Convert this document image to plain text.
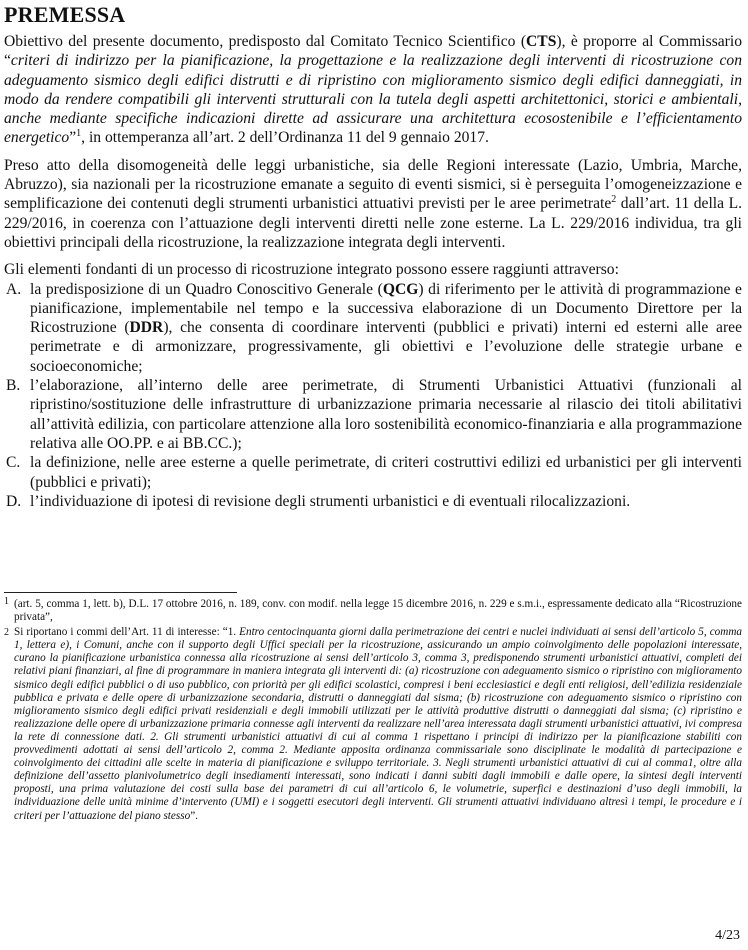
PREMESSA

Obiettivo del presente documento, predisposto dal Comitato Tecnico Scientifico (CTS), è proporre al Commissario “criteri di indirizzo per la pianificazione, la progettazione e la realizzazione degli interventi di ricostruzione con adeguamento sismico degli edifici distrutti e di ripristino con miglioramento sismico degli edifici danneggiati, in modo da rendere compatibili gli interventi strutturali con la tutela degli aspetti architettonici, storici e ambientali, anche mediante specifiche indicazioni dirette ad assicurare una architettura ecosostenibile e l’efficientamento energetico”$^1$, in ottemperanza all’art. 2 dell’Ordinanza 11 del 9 gennaio 2017.

Preso atto della disomogeneità delle leggi urbanistiche, sia delle Regioni interessate (Lazio, Umbria, Marche, Abruzzo), sia nazionali per la ricostruzione emanate a seguito di eventi sismici, si è perseguita l’omogeneizzazione e semplificazione dei contenuti degli strumenti urbanistici attuativi previsti per le aree perimetrate$^2$ dall’art. 11 della L. 229/2016, in coerenza con l’attuazione degli interventi diretti nelle zone esterne. La L. 229/2016 individua, tra gli obiettivi principali della ricostruzione, la realizzazione integrata degli interventi.

Gli elementi fondanti di un processo di ricostruzione integrato possono essere raggiunti attraverso:

A. la predisposizione di un Quadro Conoscitivo Generale (QCG) di riferimento per le attività di programmazione e pianificazione, implementabile nel tempo e la successiva elaborazione di un Documento Direttore per la Ricostruzione (DDR), che consenta di coordinare interventi (pubblici e privati) interni ed esterni alle aree perimetrate e di armonizzare, progressivamente, gli obiettivi e l’evoluzione delle strategie urbane e socioeconomiche;
B. l’elaborazione, all’interno delle aree perimetrate, di Strumenti Urbanistici Attuativi (funzionali al ripristino/sostituzione delle infrastrutture di urbanizzazione primaria necessarie al rilascio dei titoli abilitativi all’attività edilizia, con particolare attenzione alla loro sostenibilità economico-finanziaria e alla programmazione relativa alle OO.PP. e ai BB.CC.);
C. la definizione, nelle aree esterne a quelle perimetrate, di criteri costruttivi edilizi ed urbanistici per gli interventi (pubblici e privati);
D. l’individuazione di ipotesi di revisione degli strumenti urbanistici e di eventuali rilocalizzazioni.
1 (art. 5, comma 1, lett. b), D.L. 17 ottobre 2016, n. 189, conv. con modif. nella legge 15 dicembre 2016, n. 229 e s.m.i., espressamente dedicato alla “Ricostruzione privata”,
2 Si riportano i commi dell’Art. 11 di interesse: “1. Entro centocinquanta giorni dalla perimetrazione dei centri e nuclei individuati ai sensi dell’articolo 5, comma 1, lettera e), i Comuni, anche con il supporto degli Uffici speciali per la ricostruzione, assicurando un ampio coinvolgimento delle popolazioni interessate, curano la pianificazione urbanistica connessa alla ricostruzione ai sensi dell’articolo 3, comma 3, predisponendo strumenti urbanistici attuativi, completi dei relativi piani finanziari, al fine di programmare in maniera integrata gli interventi di: (a) ricostruzione con adeguamento sismico o ripristino con miglioramento sismico degli edifici pubblici o di uso pubblico, con priorità per gli edifici scolastici, compresi i beni ecclesiastici e degli enti religiosi, dell’edilizia residenziale pubblica e privata e delle opere di urbanizzazione secondaria, distrutti o danneggiati dal sisma; (b) ricostruzione con adeguamento sismico o ripristino con miglioramento sismico degli edifici privati residenziali e degli immobili utilizzati per le attività produttive distrutti o danneggiati dal sisma; (c) ripristino e realizzazione delle opere di urbanizzazione primaria connesse agli interventi da realizzare nell’area interessata dagli strumenti urbanistici attuativi, ivi compresa la rete di connessione dati. 2. Gli strumenti urbanistici attuativi di cui al comma 1 rispettano i principi di indirizzo per la pianificazione stabiliti con provvedimenti adottati ai sensi dell’articolo 2, comma 2. Mediante apposita ordinanza commissariale sono disciplinate le modalità di partecipazione e coinvolgimento dei cittadini alle scelte in materia di pianificazione e sviluppo territoriale. 3. Negli strumenti urbanistici attuativi di cui al comma1, oltre alla definizione dell’assetto planivolumetrico degli insediamenti interessati, sono indicati i danni subiti dagli immobili e dalle opere, la sintesi degli interventi proposti, una prima valutazione dei costi sulla base dei parametri di cui all’articolo 6, le volumetrie, superfici e destinazioni d’uso degli immobili, la individuazione delle unità minime d’intervento (UMI) e i soggetti esecutori degli interventi. Gli strumenti attuativi individuano altresì i tempi, le procedure e i criteri per l’attuazione del piano stesso”.
4/23
